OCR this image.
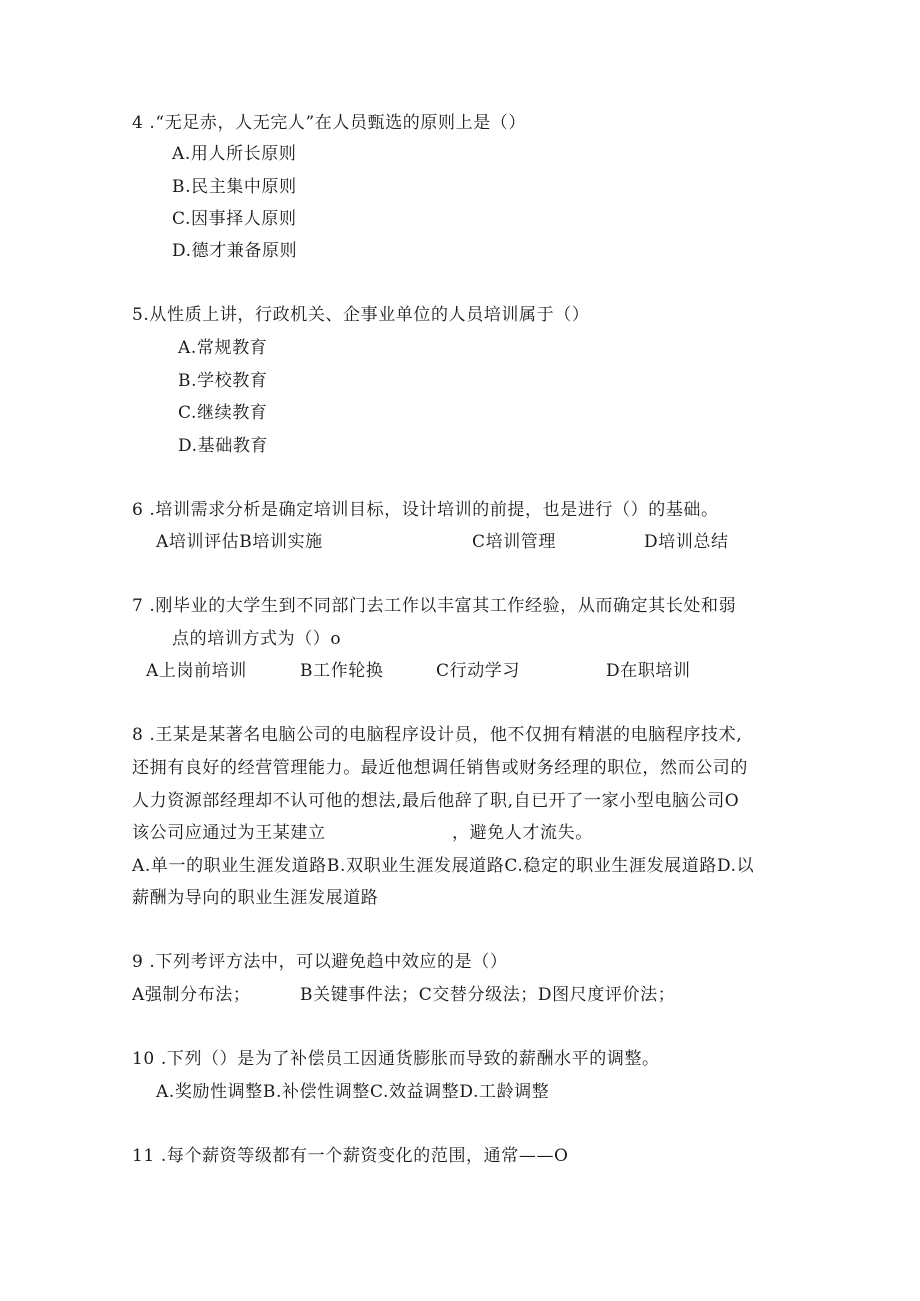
4 .“无足赤，人无完人”在人员甄选的原则上是（）
A.用人所长原则
B.民主集中原则
C.因事择人原则
D.德才兼备原则
5.从性质上讲，行政机关、企事业单位的人员培训属于（）
A.常规教育
B.学校教育
C.继续教育
D.基础教育
6 .培训需求分析是确定培训目标，设计培训的前提，也是进行（）的基础。
A培训评估B培训实施	C培训管理	D培训总结
7 .刚毕业的大学生到不同部门去工作以丰富其工作经验，从而确定其长处和弱
点的培训方式为（）o
A上岗前培训	B工作轮换	C行动学习	D在职培训
8 .王某是某著名电脑公司的电脑程序设计员，他不仅拥有精湛的电脑程序技术,
还拥有良好的经营管理能力。最近他想调任销售或财务经理的职位，然而公司的
人力资源部经理却不认可他的想法,最后他辞了职,自已开了一家小型电脑公司O
该公司应通过为王某建立	，避免人才流失。
A.单一的职业生涯发道路B.双职业生涯发展道路C.稳定的职业生涯发展道路D.以
薪酬为导向的职业生涯发展道路
9 .下列考评方法中，可以避免趋中效应的是（）
A强制分布法；	B关键事件法；C交替分级法；D图尺度评价法；
10 .下列（）是为了补偿员工因通货膨胀而导致的薪酬水平的调整。
A.奖励性调整B.补偿性调整C.效益调整D.工龄调整
11 .每个薪资等级都有一个薪资变化的范围，通常——O
